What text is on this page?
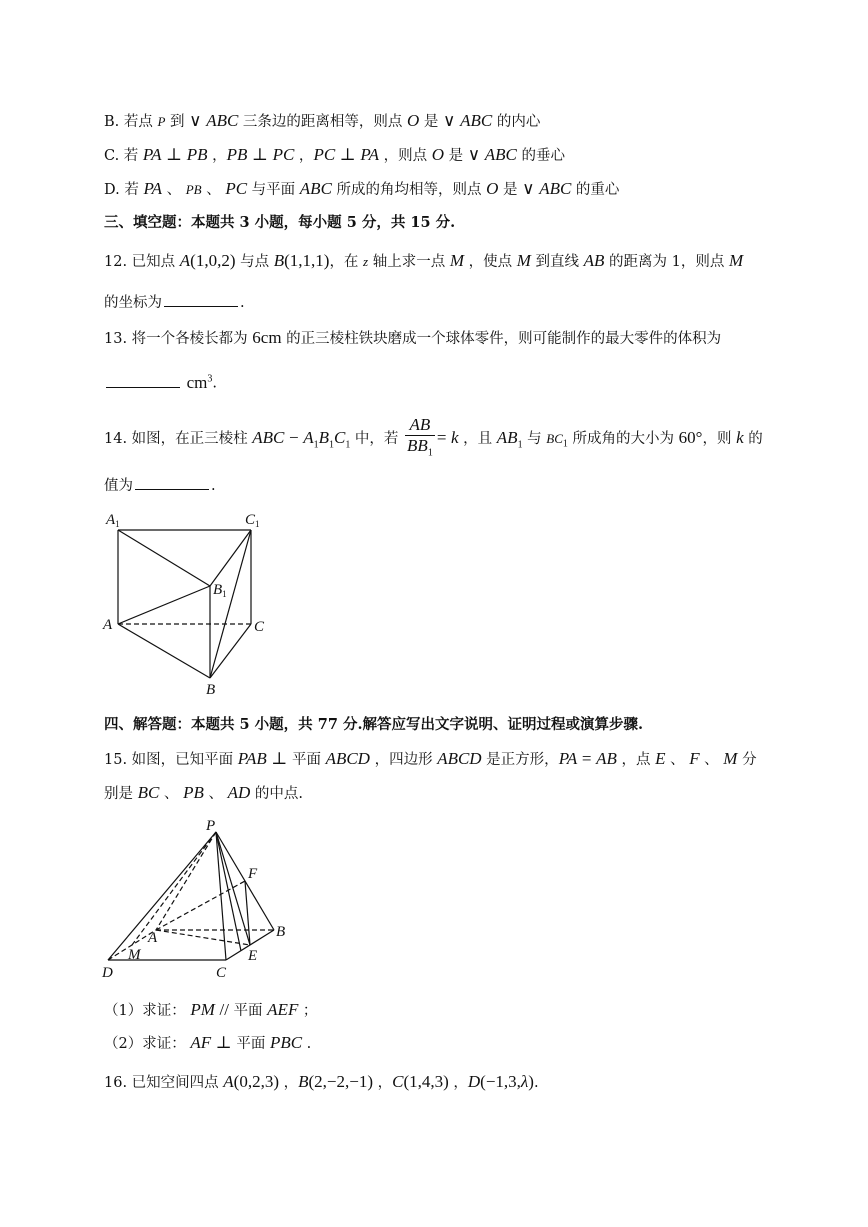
B. 若点 P 到 ∨ ABC 三条边的距离相等，则点 O 是 ∨ ABC 的内心
C. 若 PA ⊥ PB ，PB ⊥ PC ，PC ⊥ PA ，则点 O 是 ∨ ABC 的垂心
D. 若 PA 、 PB 、 PC 与平面 ABC 所成的角均相等，则点 O 是 ∨ ABC 的重心
三、填空题：本题共 3 小题，每小题 5 分，共 15 分.
12. 已知点 A(1,0,2) 与点 B(1,1,1)，在 z 轴上求一点 M ，使点 M 到直线 AB 的距离为 1，则点 M
的坐标为	.
13. 将一个各棱长都为 6cm 的正三棱柱铁块磨成一个球体零件，则可能制作的最大零件的体积为
$cm^3$.
14. 如图，在正三棱柱 ABC − $A_1B_1C_1$ 中，若 $\frac{AB}{BB_1} = k$ ，且 $AB_1$ 与 $BC_1$ 所成角的大小为 60°，则 k 的
值为	.
$A_1$	$C_1$
$B_1$
A	C
B
四、解答题：本题共 5 小题，共 77 分.解答应写出文字说明、证明过程或演算步骤.
15. 如图，已知平面 PAB ⊥ 平面 ABCD ，四边形 ABCD 是正方形，PA = AB ，点 E 、 F 、 M 分
别是 BC 、 PB 、 AD 的中点.
P
F
B
A
M	E
D	C
（1）求证： PM // 平面 AEF ；
（2）求证： AF ⊥ 平面 PBC .
16. 已知空间四点 A(0,2,3) ，B(2,−2,−1) ，C(1,4,3) ，D(−1,3,λ).
